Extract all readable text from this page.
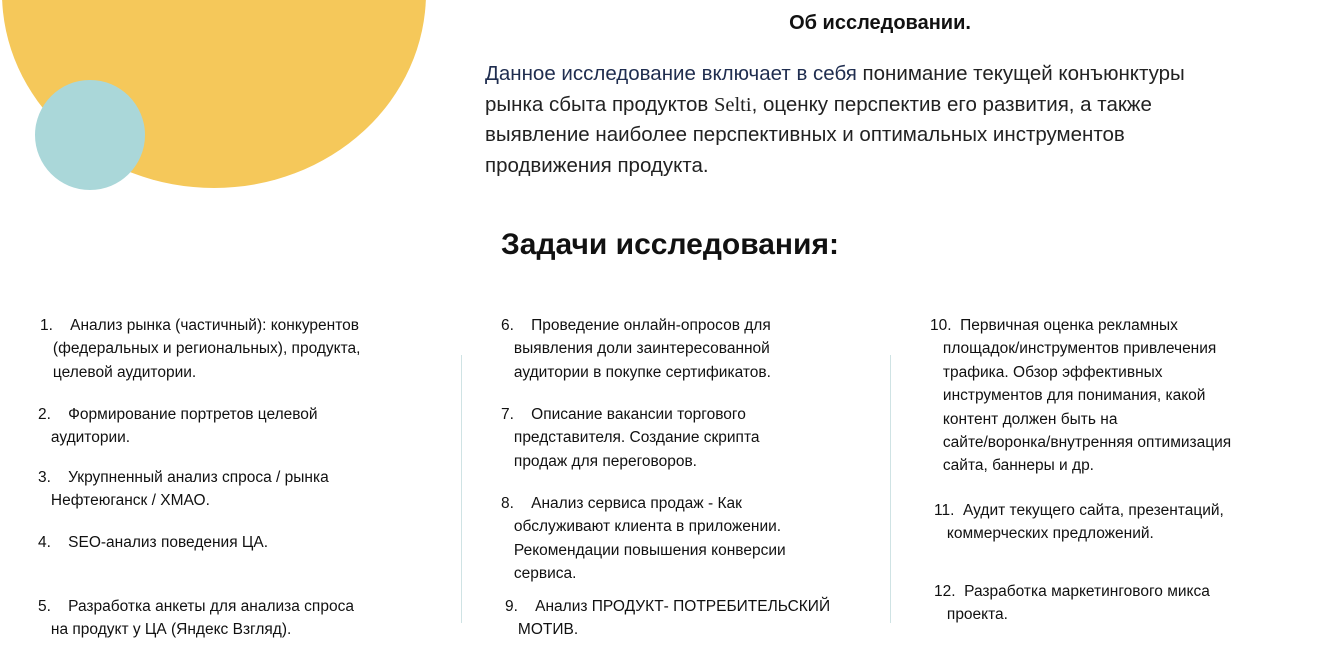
Об исследовании.

Данное исследование включает в себя понимание текущей конъюнктуры
рынка сбыта продуктов Selti, оценку перспектив его развития, а также
выявление наиболее перспективных и оптимальных инструментов
продвижения продукта.

Задачи исследования:
1.    Анализ рынка (частичный): конкурентов
(федеральных и региональных), продукта,
целевой аудитории.
2.    Формирование портретов целевой
аудитории.
3.    Укрупненный анализ спроса / рынка
Нефтеюганск / ХМАО.
4.    SEO-анализ поведения ЦА.
5.    Разработка анкеты для анализа спроса
на продукт у ЦА (Яндекс Взгляд).
6.    Проведение онлайн-опросов для
выявления доли заинтересованной
аудитории в покупке сертификатов.
7.    Описание вакансии торгового
представителя. Создание скрипта
продаж для переговоров.
8.    Анализ сервиса продаж - Как
обслуживают клиента в приложении.
Рекомендации повышения конверсии
сервиса.
9.    Анализ ПРОДУКТ- ПОТРЕБИТЕЛЬСКИЙ
МОТИВ.
10.  Первичная оценка рекламных
площадок/инструментов привлечения
трафика. Обзор эффективных
инструментов для понимания, какой
контент должен быть на
сайте/воронка/внутренняя оптимизация
сайта, баннеры и др.
11.  Аудит текущего сайта, презентаций,
коммерческих предложений.
12.  Разработка маркетингового микса
проекта.
